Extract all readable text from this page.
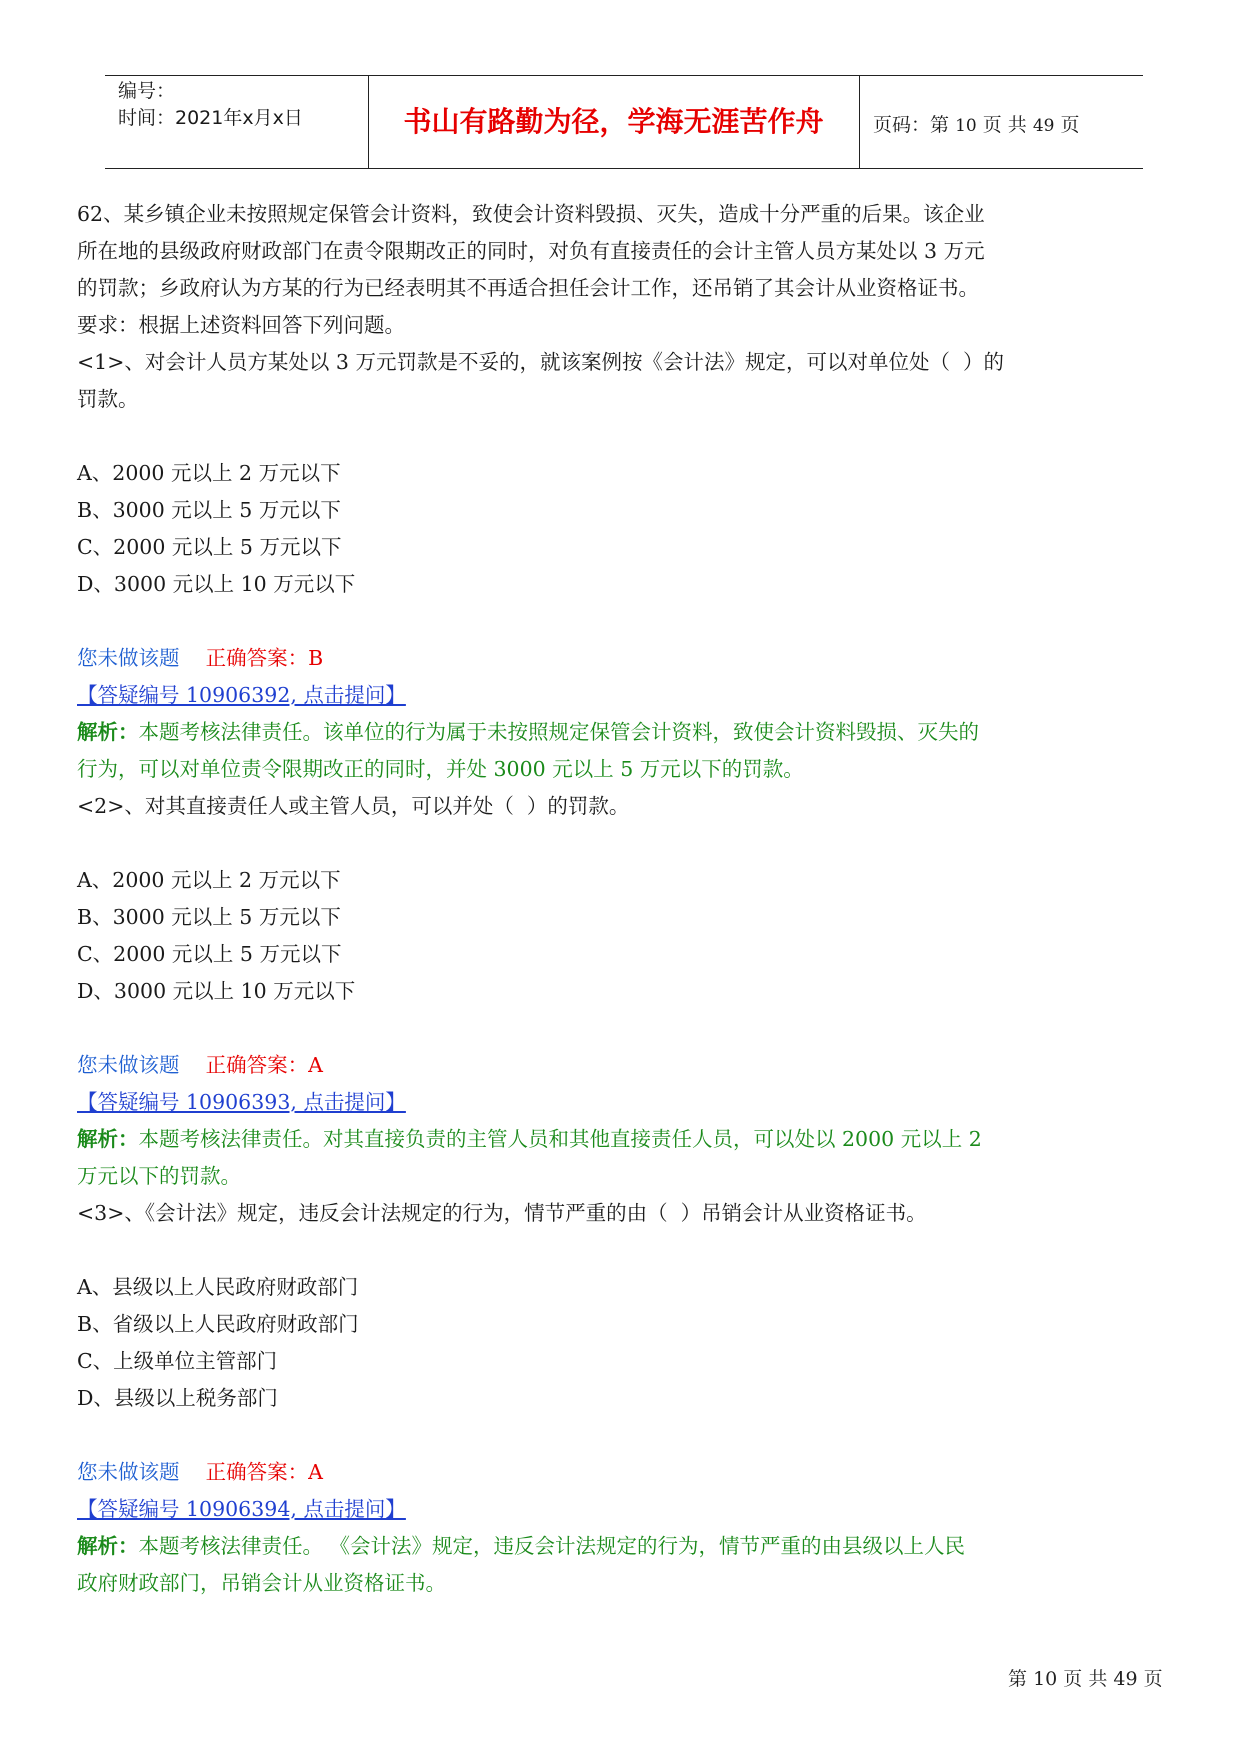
编号：
时间：2021年x月x日	书山有路勤为径，学海无涯苦作舟	页码：第 10 页 共 49 页
62、某乡镇企业未按照规定保管会计资料，致使会计资料毁损、灭失，造成十分严重的后果。该企业
所在地的县级政府财政部门在责令限期改正的同时，对负有直接责任的会计主管人员方某处以 3 万元
的罚款；乡政府认为方某的行为已经表明其不再适合担任会计工作，还吊销了其会计从业资格证书。
要求：根据上述资料回答下列问题。
<1>、对会计人员方某处以 3 万元罚款是不妥的，就该案例按《会计法》规定，可以对单位处（  ）的
罚款。
A、2000 元以上 2 万元以下
B、3000 元以上 5 万元以下
C、2000 元以上 5 万元以下
D、3000 元以上 10 万元以下
您未做该题 正确答案：B
【答疑编号 10906392, 点击提问】
解析：本题考核法律责任。该单位的行为属于未按照规定保管会计资料，致使会计资料毁损、灭失的
行为，可以对单位责令限期改正的同时，并处 3000 元以上 5 万元以下的罚款。
<2>、对其直接责任人或主管人员，可以并处（  ）的罚款。
A、2000 元以上 2 万元以下
B、3000 元以上 5 万元以下
C、2000 元以上 5 万元以下
D、3000 元以上 10 万元以下
您未做该题 正确答案：A
【答疑编号 10906393, 点击提问】
解析：本题考核法律责任。对其直接负责的主管人员和其他直接责任人员，可以处以 2000 元以上 2
万元以下的罚款。
<3>、《会计法》规定，违反会计法规定的行为，情节严重的由（  ）吊销会计从业资格证书。
A、县级以上人民政府财政部门
B、省级以上人民政府财政部门
C、上级单位主管部门
D、县级以上税务部门
您未做该题 正确答案：A
【答疑编号 10906394, 点击提问】
解析：本题考核法律责任。 《会计法》规定，违反会计法规定的行为，情节严重的由县级以上人民
政府财政部门，吊销会计从业资格证书。
第 10 页 共 49 页
